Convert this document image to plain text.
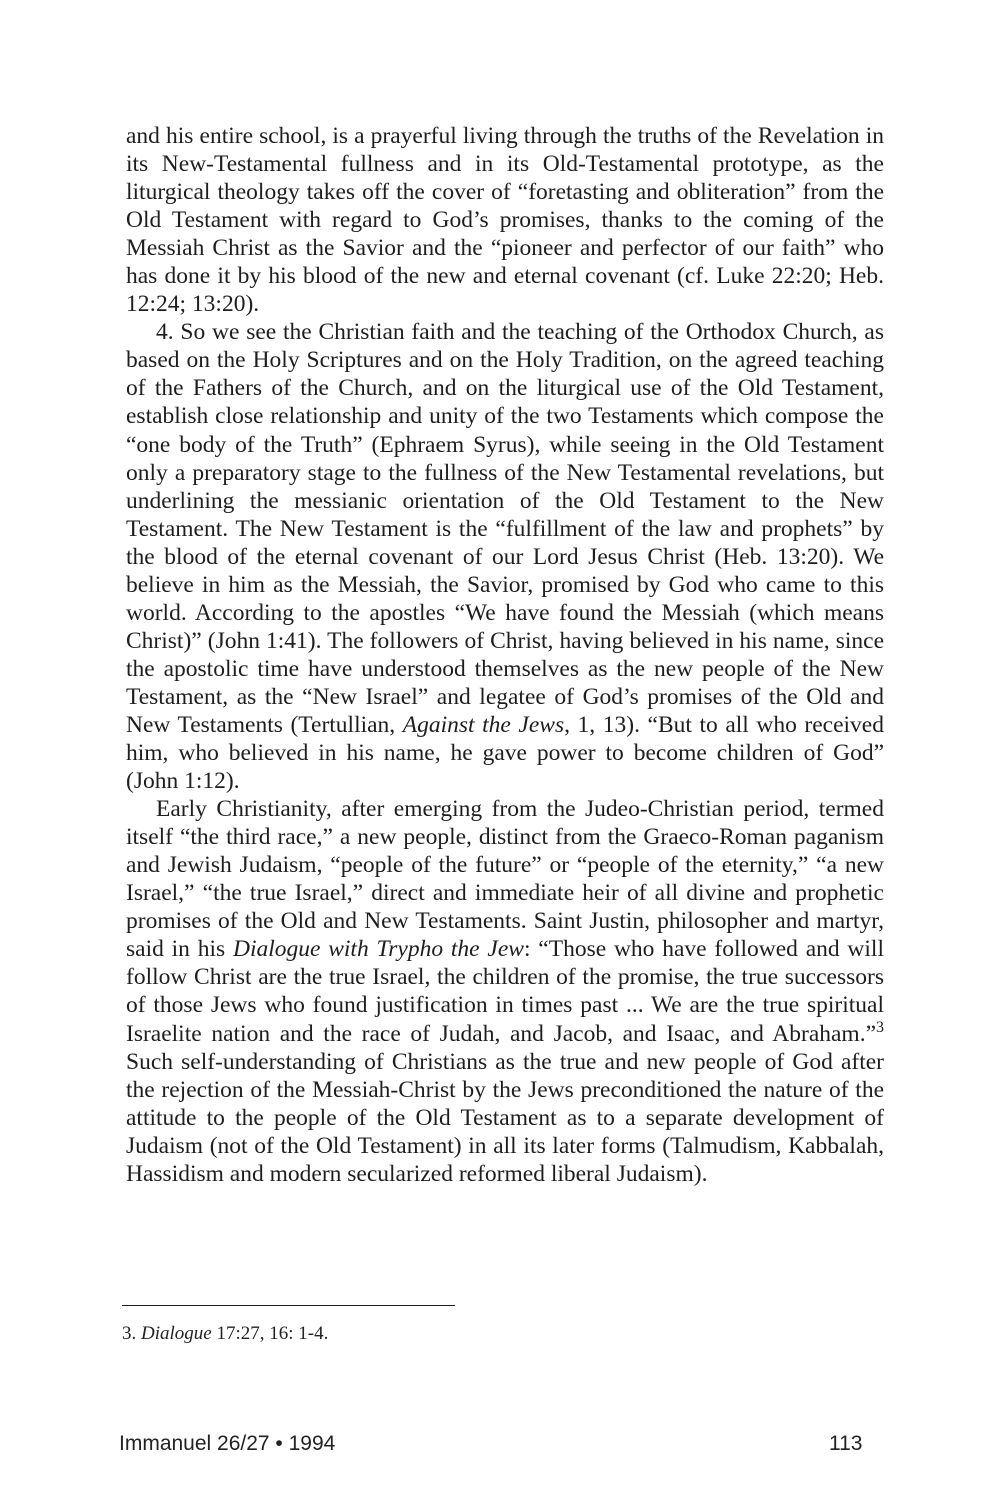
and his entire school, is a prayerful living through the truths of the Revelation in its New-Testamental fullness and in its Old-Testamental prototype, as the liturgical theology takes off the cover of “foretasting and obliteration” from the Old Testament with regard to God’s promises, thanks to the coming of the Messiah Christ as the Savior and the “pioneer and perfector of our faith” who has done it by his blood of the new and eternal covenant (cf. Luke 22:20; Heb. 12:24; 13:20).

4. So we see the Christian faith and the teaching of the Orthodox Church, as based on the Holy Scriptures and on the Holy Tradition, on the agreed teaching of the Fathers of the Church, and on the liturgical use of the Old Testament, establish close relationship and unity of the two Testaments which compose the “one body of the Truth” (Ephraem Syrus), while seeing in the Old Testament only a preparatory stage to the fullness of the New Testamental revelations, but underlining the messianic orientation of the Old Testament to the New Testament. The New Testament is the “fulfillment of the law and prophets” by the blood of the eternal covenant of our Lord Jesus Christ (Heb. 13:20). We believe in him as the Messiah, the Savior, promised by God who came to this world. According to the apostles “We have found the Messiah (which means Christ)” (John 1:41). The followers of Christ, having believed in his name, since the apostolic time have understood themselves as the new people of the New Testament, as the “New Israel” and legatee of God’s promises of the Old and New Testaments (Tertullian, Against the Jews, 1, 13). “But to all who received him, who believed in his name, he gave power to become children of God” (John 1:12).

Early Christianity, after emerging from the Judeo-Christian period, termed itself “the third race,” a new people, distinct from the Graeco-Roman paganism and Jewish Judaism, “people of the future” or “people of the eternity,” “a new Israel,” “the true Israel,” direct and immediate heir of all divine and prophetic promises of the Old and New Testaments. Saint Justin, philosopher and martyr, said in his Dialogue with Trypho the Jew: “Those who have followed and will follow Christ are the true Israel, the children of the promise, the true successors of those Jews who found justification in times past ... We are the true spiritual Israelite nation and the race of Judah, and Jacob, and Isaac, and Abraham.”$^3$ Such self-understanding of Christians as the true and new people of God after the rejection of the Messiah-Christ by the Jews preconditioned the nature of the attitude to the people of the Old Testament as to a separate development of Judaism (not of the Old Testament) in all its later forms (Talmudism, Kabbalah, Hassidism and modern secularized reformed liberal Judaism).

3. Dialogue 17:27, 16: 1-4.
Immanuel 26/27 • 1994	113
